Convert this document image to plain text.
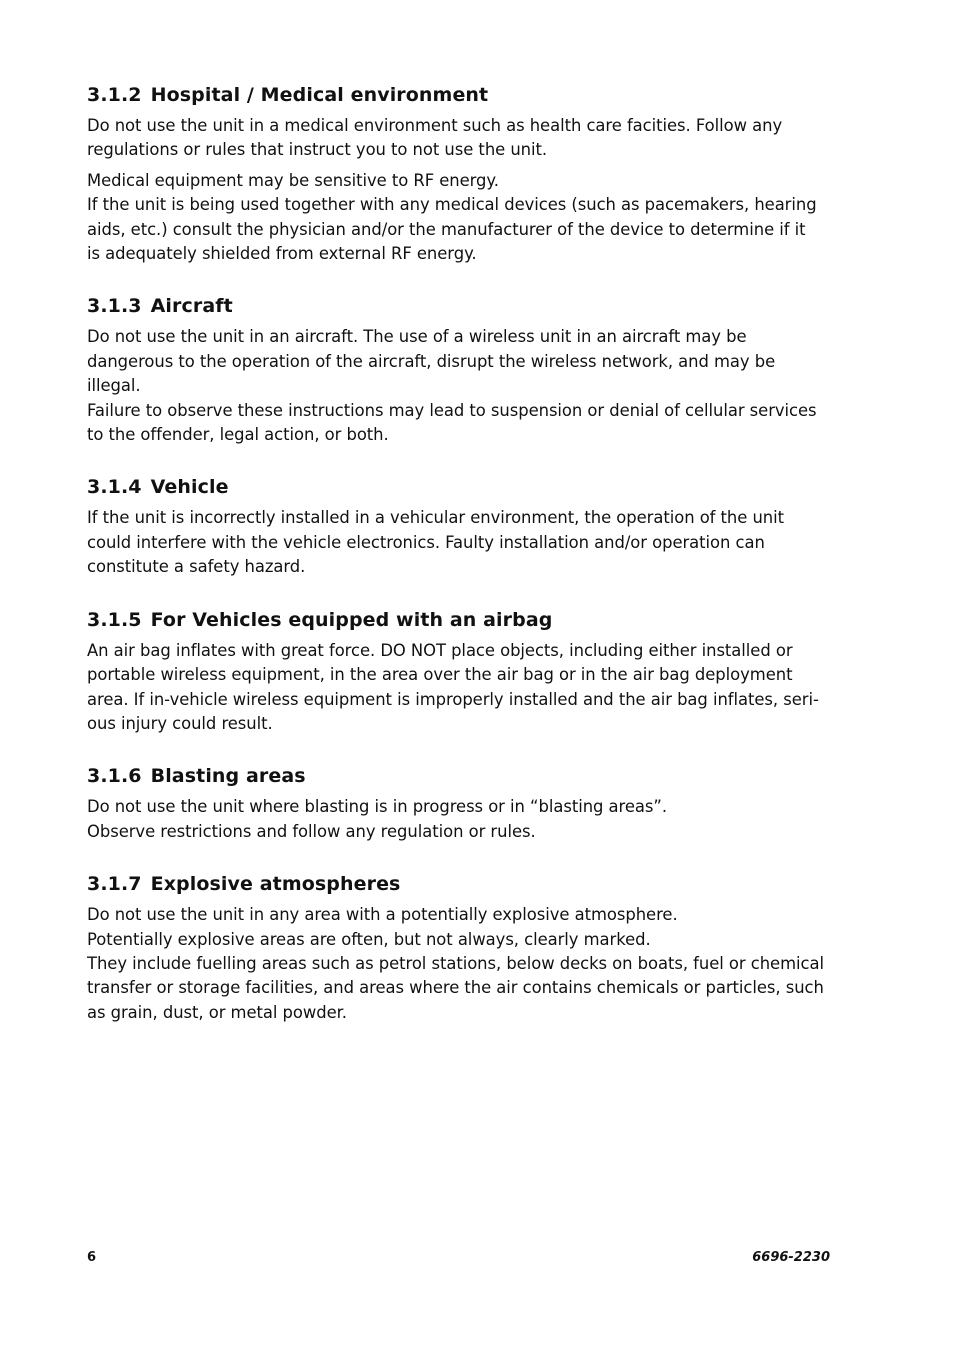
3.1.2 Hospital / Medical environment

Do not use the unit in a medical environment such as health care facities. Follow any
regulations or rules that instruct you to not use the unit.

Medical equipment may be sensitive to RF energy.
If the unit is being used together with any medical devices (such as pacemakers, hearing
aids, etc.) consult the physician and/or the manufacturer of the device to determine if it
is adequately shielded from external RF energy.

3.1.3 Aircraft

Do not use the unit in an aircraft. The use of a wireless unit in an aircraft may be
dangerous to the operation of the aircraft, disrupt the wireless network, and may be
illegal.
Failure to observe these instructions may lead to suspension or denial of cellular services
to the offender, legal action, or both.

3.1.4 Vehicle

If the unit is incorrectly installed in a vehicular environment, the operation of the unit
could interfere with the vehicle electronics. Faulty installation and/or operation can
constitute a safety hazard.

3.1.5 For Vehicles equipped with an airbag

An air bag inflates with great force. DO NOT place objects, including either installed or
portable wireless equipment, in the area over the air bag or in the air bag deployment
area. If in-vehicle wireless equipment is improperly installed and the air bag inflates, seri-
ous injury could result.

3.1.6 Blasting areas

Do not use the unit where blasting is in progress or in “blasting areas”.
Observe restrictions and follow any regulation or rules.

3.1.7 Explosive atmospheres

Do not use the unit in any area with a potentially explosive atmosphere.
Potentially explosive areas are often, but not always, clearly marked.
They include fuelling areas such as petrol stations, below decks on boats, fuel or chemical
transfer or storage facilities, and areas where the air contains chemicals or particles, such
as grain, dust, or metal powder.

6	6696-2230
